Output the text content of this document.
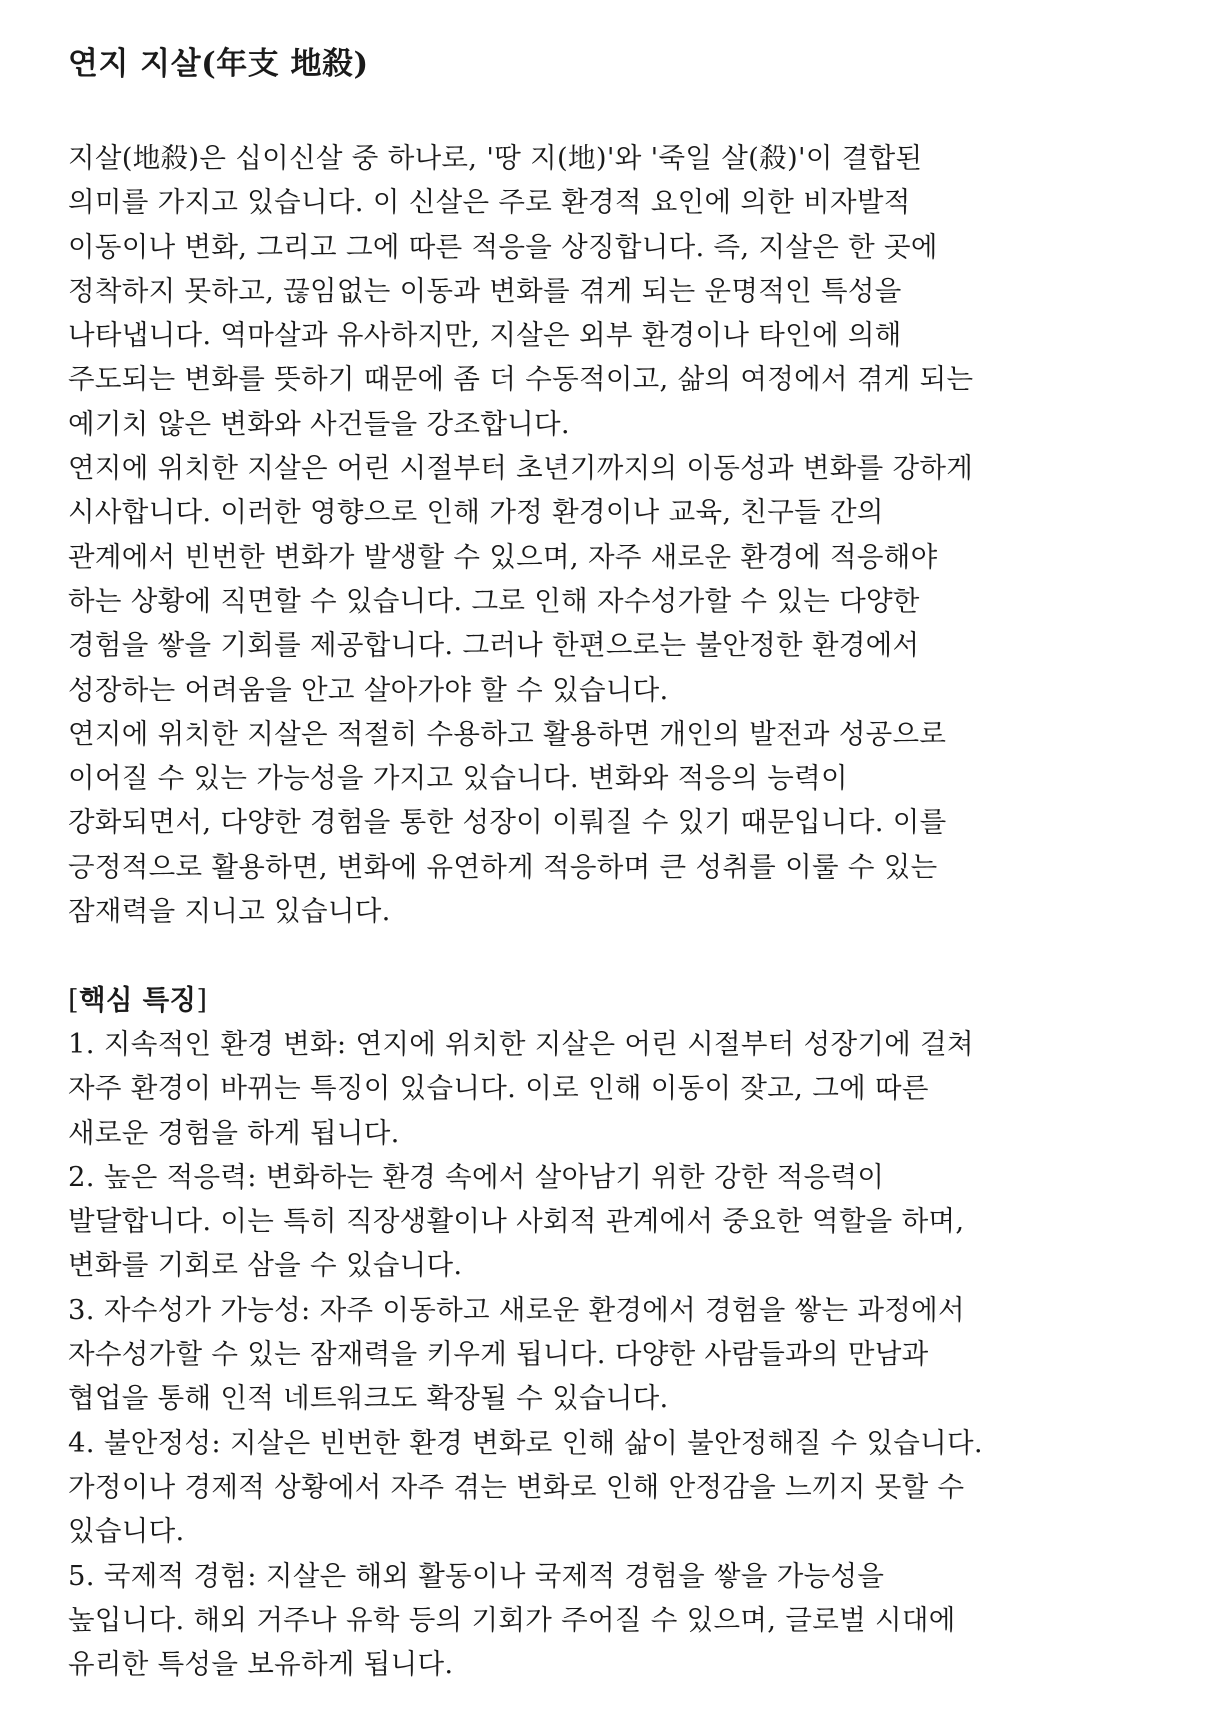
연지 지살(年支 地殺)
지살(地殺)은 십이신살 중 하나로, '땅 지(地)'와 '죽일 살(殺)'이 결합된
의미를 가지고 있습니다. 이 신살은 주로 환경적 요인에 의한 비자발적
이동이나 변화, 그리고 그에 따른 적응을 상징합니다. 즉, 지살은 한 곳에
정착하지 못하고, 끊임없는 이동과 변화를 겪게 되는 운명적인 특성을
나타냅니다. 역마살과 유사하지만, 지살은 외부 환경이나 타인에 의해
주도되는 변화를 뜻하기 때문에 좀 더 수동적이고, 삶의 여정에서 겪게 되는
예기치 않은 변화와 사건들을 강조합니다.
연지에 위치한 지살은 어린 시절부터 초년기까지의 이동성과 변화를 강하게
시사합니다. 이러한 영향으로 인해 가정 환경이나 교육, 친구들 간의
관계에서 빈번한 변화가 발생할 수 있으며, 자주 새로운 환경에 적응해야
하는 상황에 직면할 수 있습니다. 그로 인해 자수성가할 수 있는 다양한
경험을 쌓을 기회를 제공합니다. 그러나 한편으로는 불안정한 환경에서
성장하는 어려움을 안고 살아가야 할 수 있습니다.
연지에 위치한 지살은 적절히 수용하고 활용하면 개인의 발전과 성공으로
이어질 수 있는 가능성을 가지고 있습니다. 변화와 적응의 능력이
강화되면서, 다양한 경험을 통한 성장이 이뤄질 수 있기 때문입니다. 이를
긍정적으로 활용하면, 변화에 유연하게 적응하며 큰 성취를 이룰 수 있는
잠재력을 지니고 있습니다.
[핵심 특징]
1. 지속적인 환경 변화: 연지에 위치한 지살은 어린 시절부터 성장기에 걸쳐
자주 환경이 바뀌는 특징이 있습니다. 이로 인해 이동이 잦고, 그에 따른
새로운 경험을 하게 됩니다.
2. 높은 적응력: 변화하는 환경 속에서 살아남기 위한 강한 적응력이
발달합니다. 이는 특히 직장생활이나 사회적 관계에서 중요한 역할을 하며,
변화를 기회로 삼을 수 있습니다.
3. 자수성가 가능성: 자주 이동하고 새로운 환경에서 경험을 쌓는 과정에서
자수성가할 수 있는 잠재력을 키우게 됩니다. 다양한 사람들과의 만남과
협업을 통해 인적 네트워크도 확장될 수 있습니다.
4. 불안정성: 지살은 빈번한 환경 변화로 인해 삶이 불안정해질 수 있습니다.
가정이나 경제적 상황에서 자주 겪는 변화로 인해 안정감을 느끼지 못할 수
있습니다.
5. 국제적 경험: 지살은 해외 활동이나 국제적 경험을 쌓을 가능성을
높입니다. 해외 거주나 유학 등의 기회가 주어질 수 있으며, 글로벌 시대에
유리한 특성을 보유하게 됩니다.
